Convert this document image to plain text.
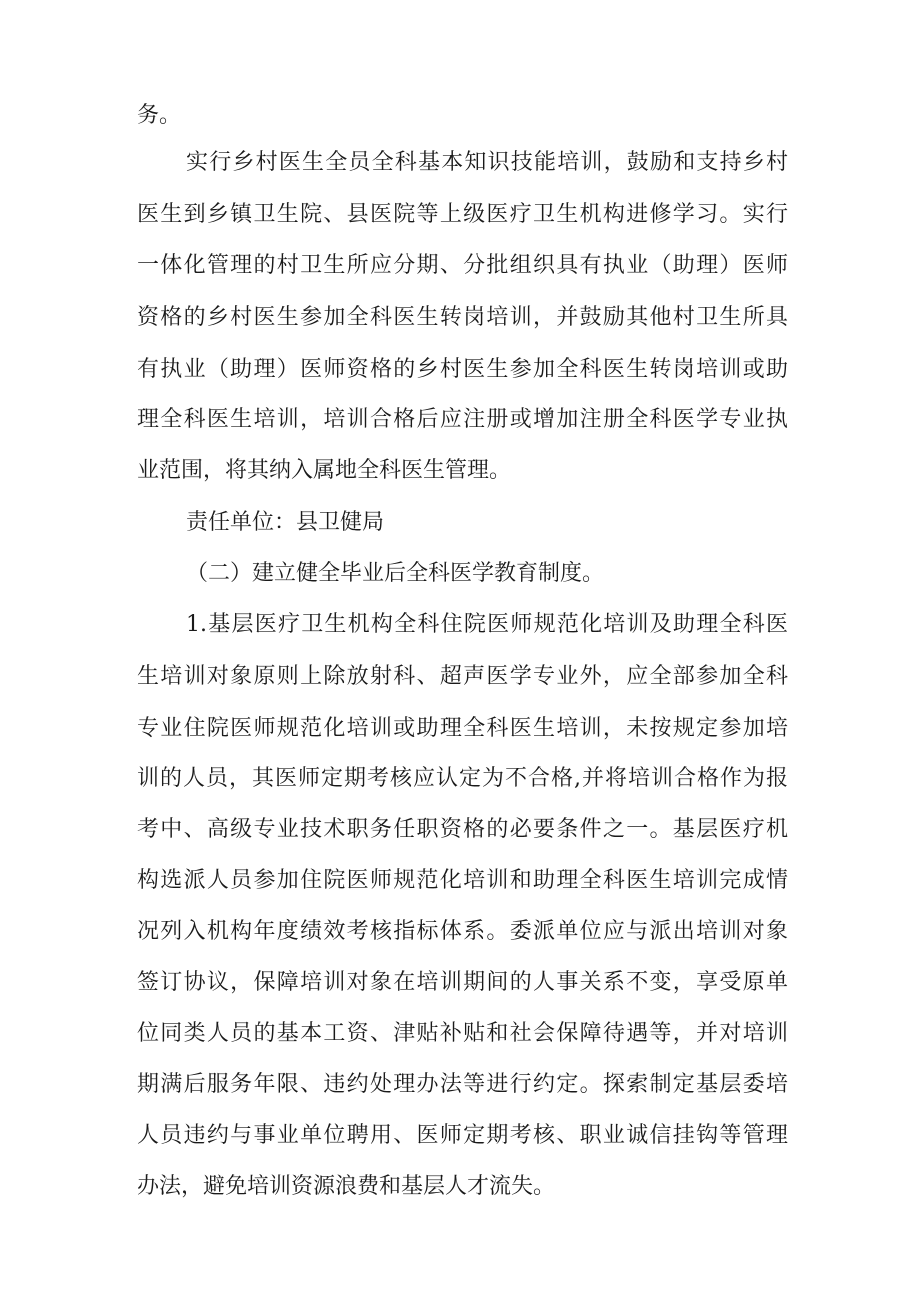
务。
实行乡村医生全员全科基本知识技能培训，鼓励和支持乡村
医生到乡镇卫生院、县医院等上级医疗卫生机构进修学习。实行
一体化管理的村卫生所应分期、分批组织具有执业（助理）医师
资格的乡村医生参加全科医生转岗培训，并鼓励其他村卫生所具
有执业（助理）医师资格的乡村医生参加全科医生转岗培训或助
理全科医生培训，培训合格后应注册或增加注册全科医学专业执
业范围，将其纳入属地全科医生管理。
责任单位：县卫健局
（二）建立健全毕业后全科医学教育制度。
1.基层医疗卫生机构全科住院医师规范化培训及助理全科医
生培训对象原则上除放射科、超声医学专业外，应全部参加全科
专业住院医师规范化培训或助理全科医生培训，未按规定参加培
训的人员，其医师定期考核应认定为不合格,并将培训合格作为报
考中、高级专业技术职务任职资格的必要条件之一。基层医疗机
构选派人员参加住院医师规范化培训和助理全科医生培训完成情
况列入机构年度绩效考核指标体系。委派单位应与派出培训对象
签订协议，保障培训对象在培训期间的人事关系不变，享受原单
位同类人员的基本工资、津贴补贴和社会保障待遇等，并对培训
期满后服务年限、违约处理办法等进行约定。探索制定基层委培
人员违约与事业单位聘用、医师定期考核、职业诚信挂钩等管理
办法，避免培训资源浪费和基层人才流失。
